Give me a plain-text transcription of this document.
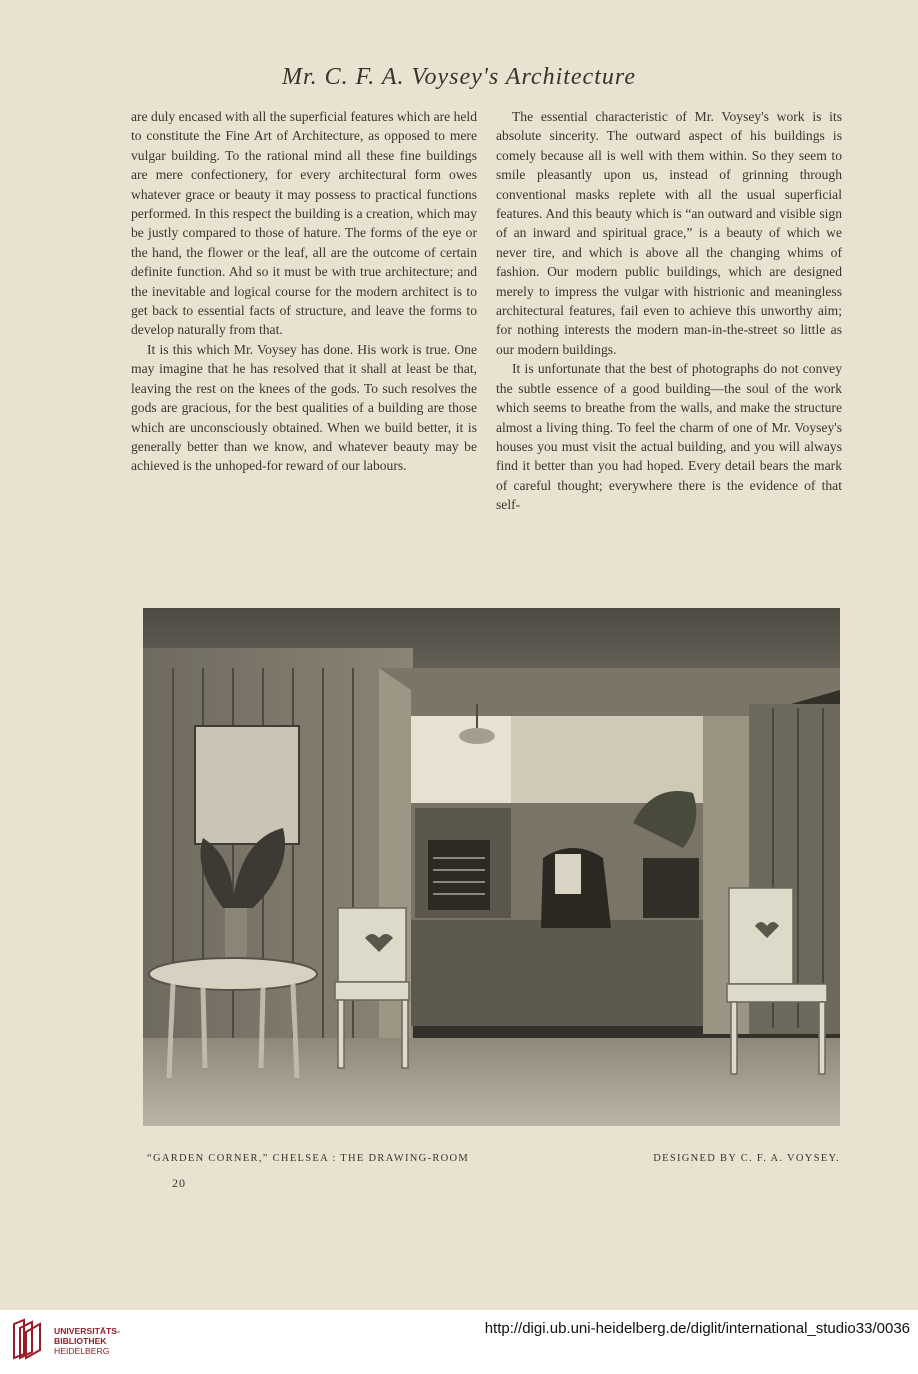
Mr. C. F. A. Voysey's Architecture

are duly encased with all the superficial features which are held to constitute the Fine Art of Architecture, as opposed to mere vulgar building. To the rational mind all these fine buildings are mere confectionery, for every architectural form owes whatever grace or beauty it may possess to practical functions performed. In this respect the building is a creation, which may be justly compared to those of hature. The forms of the eye or the hand, the flower or the leaf, all are the outcome of certain definite function. Ahd so it must be with true architecture; and the inevitable and logical course for the modern architect is to get back to essential facts of structure, and leave the forms to develop naturally from that.

It is this which Mr. Voysey has done. His work is true. One may imagine that he has resolved that it shall at least be that, leaving the rest on the knees of the gods. To such resolves the gods are gracious, for the best qualities of a building are those which are unconsciously obtained. When we build better, it is generally better than we know, and whatever beauty may be achieved is the unhoped-for reward of our labours.

The essential characteristic of Mr. Voysey's work is its absolute sincerity. The outward aspect of his buildings is comely because all is well with them within. So they seem to smile pleasantly upon us, instead of grinning through conventional masks replete with all the usual superficial features. And this beauty which is “an outward and visible sign of an inward and spiritual grace,” is a beauty of which we never tire, and which is above all the changing whims of fashion. Our modern public buildings, which are designed merely to impress the vulgar with histrionic and meaningless architectural features, fail even to achieve this unworthy aim; for nothing interests the modern man-in-the-street so little as our modern buildings.

It is unfortunate that the best of photographs do not convey the subtle essence of a good building—the soul of the work which seems to breathe from the walls, and make the structure almost a living thing. To feel the charm of one of Mr. Voysey's houses you must visit the actual building, and you will always find it better than you had hoped. Every detail bears the mark of careful thought; everywhere there is the evidence of that self-

“GARDEN CORNER,” CHELSEA : THE DRAWING-ROOM	DESIGNED BY C. F. A. VOYSEY.
20
UNIVERSITÄTS-
BIBLIOTHEK
HEIDELBERG
http://digi.ub.uni-heidelberg.de/diglit/international_studio33/0036
